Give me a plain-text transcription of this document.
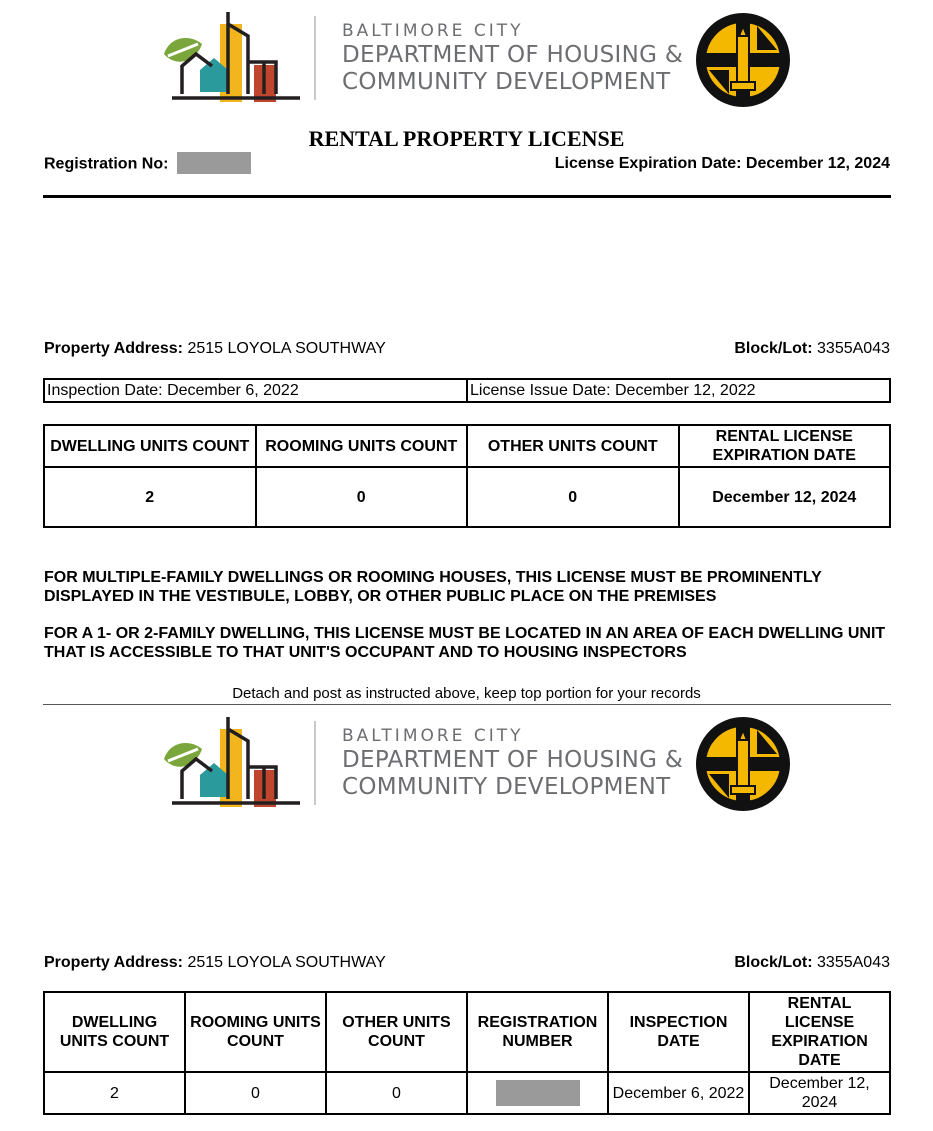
BALTIMORE CITY
DEPARTMENT OF HOUSING &
COMMUNITY DEVELOPMENT
RENTAL PROPERTY LICENSE
Registration No:	License Expiration Date: December 12, 2024
Property Address: 2515 LOYOLA SOUTHWAY	Block/Lot: 3355A043
Inspection Date: December 6, 2022	License Issue Date: December 12, 2022
DWELLING UNITS COUNT	ROOMING UNITS COUNT	OTHER UNITS COUNT	RENTAL LICENSE EXPIRATION DATE
2	0	0	December 12, 2024
FOR MULTIPLE-FAMILY DWELLINGS OR ROOMING HOUSES, THIS LICENSE MUST BE PROMINENTLY DISPLAYED IN THE VESTIBULE, LOBBY, OR OTHER PUBLIC PLACE ON THE PREMISES
FOR A 1- OR 2-FAMILY DWELLING, THIS LICENSE MUST BE LOCATED IN AN AREA OF EACH DWELLING UNIT THAT IS ACCESSIBLE TO THAT UNIT'S OCCUPANT AND TO HOUSING INSPECTORS
Detach and post as instructed above, keep top portion for your records
BALTIMORE CITY
DEPARTMENT OF HOUSING &
COMMUNITY DEVELOPMENT
Property Address: 2515 LOYOLA SOUTHWAY	Block/Lot: 3355A043
DWELLING UNITS COUNT	ROOMING UNITS COUNT	OTHER UNITS COUNT	REGISTRATION NUMBER	INSPECTION DATE	RENTAL LICENSE EXPIRATION DATE
2	0	0		December 6, 2022	December 12, 2024
